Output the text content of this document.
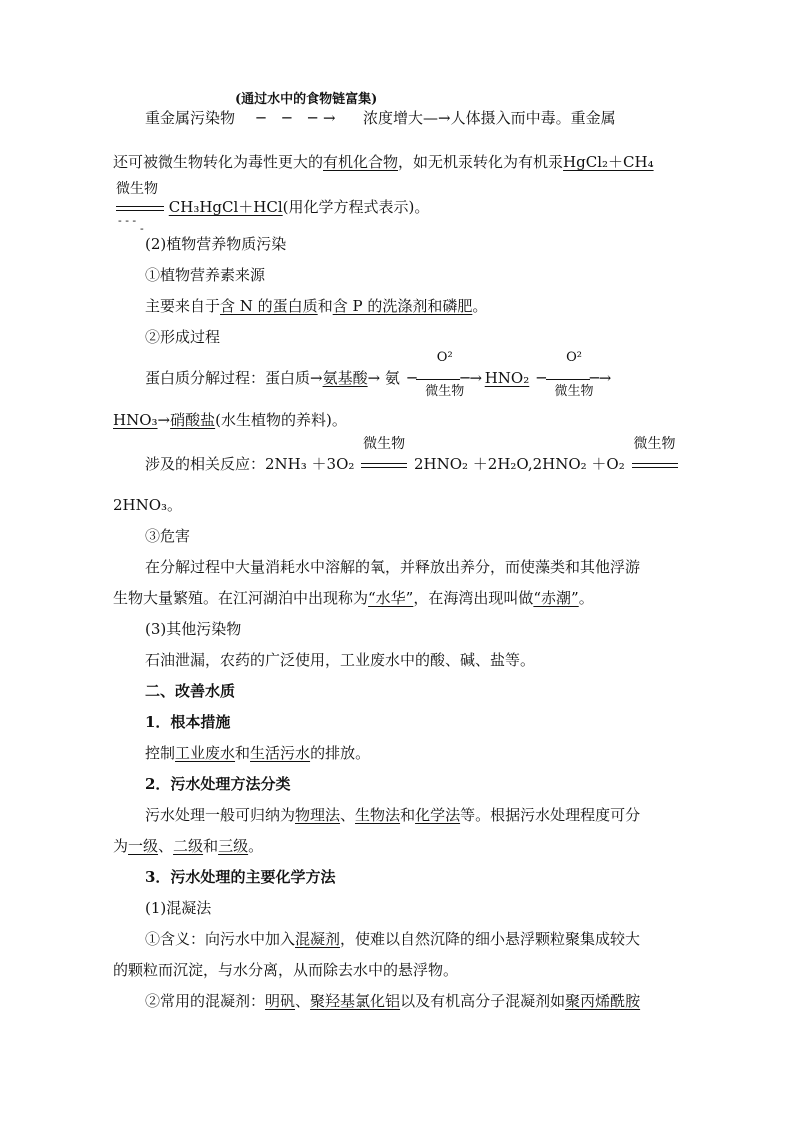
重金属污染物
(通过水中的食物链富集)
─ ─ ─→ 浓度增大—→人体摄入而中毒。重金属
还可被微生物转化为毒性更大的有机化合物，如无机汞转化为有机汞HgCl₂＋CH₄
微生物
CH₃HgCl＋HCl(用化学方程式表示)。
- - -
-
(2)植物营养物质污染
①植物营养素来源
主要来自于含 N 的蛋白质和含 P 的洗涤剂和磷肥。
②形成过程
蛋白质分解过程：蛋白质→氨基酸→ 氨
O²
─	─→
微生物
HNO₂
O²
─	─→
微生物
HNO₃→硝酸盐(水生植物的养料)。
涉及的相关反应：2NH₃ ＋3O₂
微生物
2HNO₂ ＋2H₂O,2HNO₂ ＋O₂
微生物
2HNO₃。
③危害
在分解过程中大量消耗水中溶解的氧，并释放出养分，而使藻类和其他浮游
生物大量繁殖。在江河湖泊中出现称为“水华”，在海湾出现叫做“赤潮”。
(3)其他污染物
石油泄漏，农药的广泛使用，工业废水中的酸、碱、盐等。
二、改善水质
1．根本措施
控制工业废水和生活污水的排放。
2．污水处理方法分类
污水处理一般可归纳为物理法、生物法和化学法等。根据污水处理程度可分
为一级、二级和三级。
3．污水处理的主要化学方法
(1)混凝法
①含义：向污水中加入混凝剂，使难以自然沉降的细小悬浮颗粒聚集成较大
的颗粒而沉淀，与水分离，从而除去水中的悬浮物。
②常用的混凝剂：明矾、聚羟基氯化铝以及有机高分子混凝剂如聚丙烯酰胺
